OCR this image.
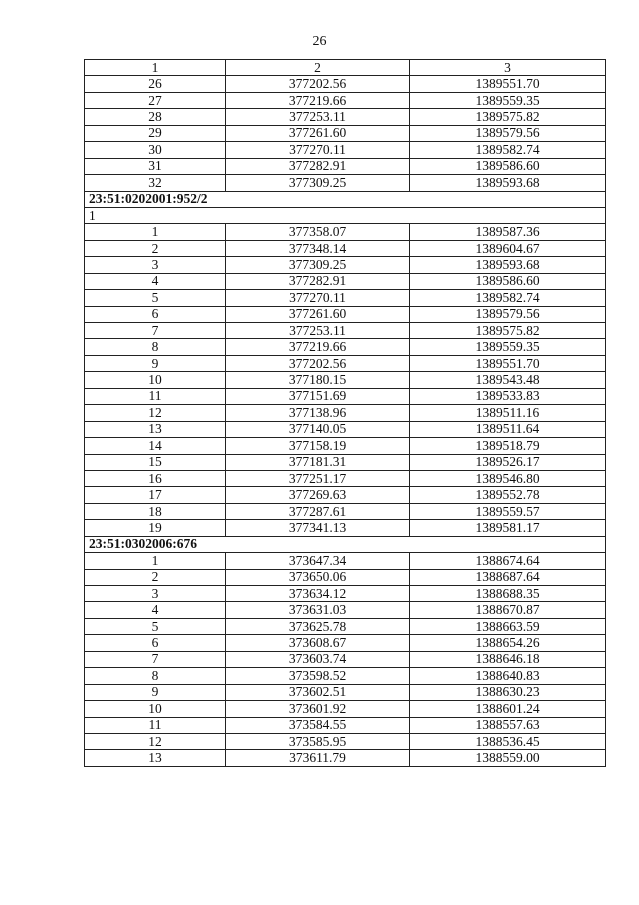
26
1	2	3
26	377202.56	1389551.70
27	377219.66	1389559.35
28	377253.11	1389575.82
29	377261.60	1389579.56
30	377270.11	1389582.74
31	377282.91	1389586.60
32	377309.25	1389593.68
23:51:0202001:952/2		
1		
1	377358.07	1389587.36
2	377348.14	1389604.67
3	377309.25	1389593.68
4	377282.91	1389586.60
5	377270.11	1389582.74
6	377261.60	1389579.56
7	377253.11	1389575.82
8	377219.66	1389559.35
9	377202.56	1389551.70
10	377180.15	1389543.48
11	377151.69	1389533.83
12	377138.96	1389511.16
13	377140.05	1389511.64
14	377158.19	1389518.79
15	377181.31	1389526.17
16	377251.17	1389546.80
17	377269.63	1389552.78
18	377287.61	1389559.57
19	377341.13	1389581.17
23:51:0302006:676		
1	373647.34	1388674.64
2	373650.06	1388687.64
3	373634.12	1388688.35
4	373631.03	1388670.87
5	373625.78	1388663.59
6	373608.67	1388654.26
7	373603.74	1388646.18
8	373598.52	1388640.83
9	373602.51	1388630.23
10	373601.92	1388601.24
11	373584.55	1388557.63
12	373585.95	1388536.45
13	373611.79	1388559.00
